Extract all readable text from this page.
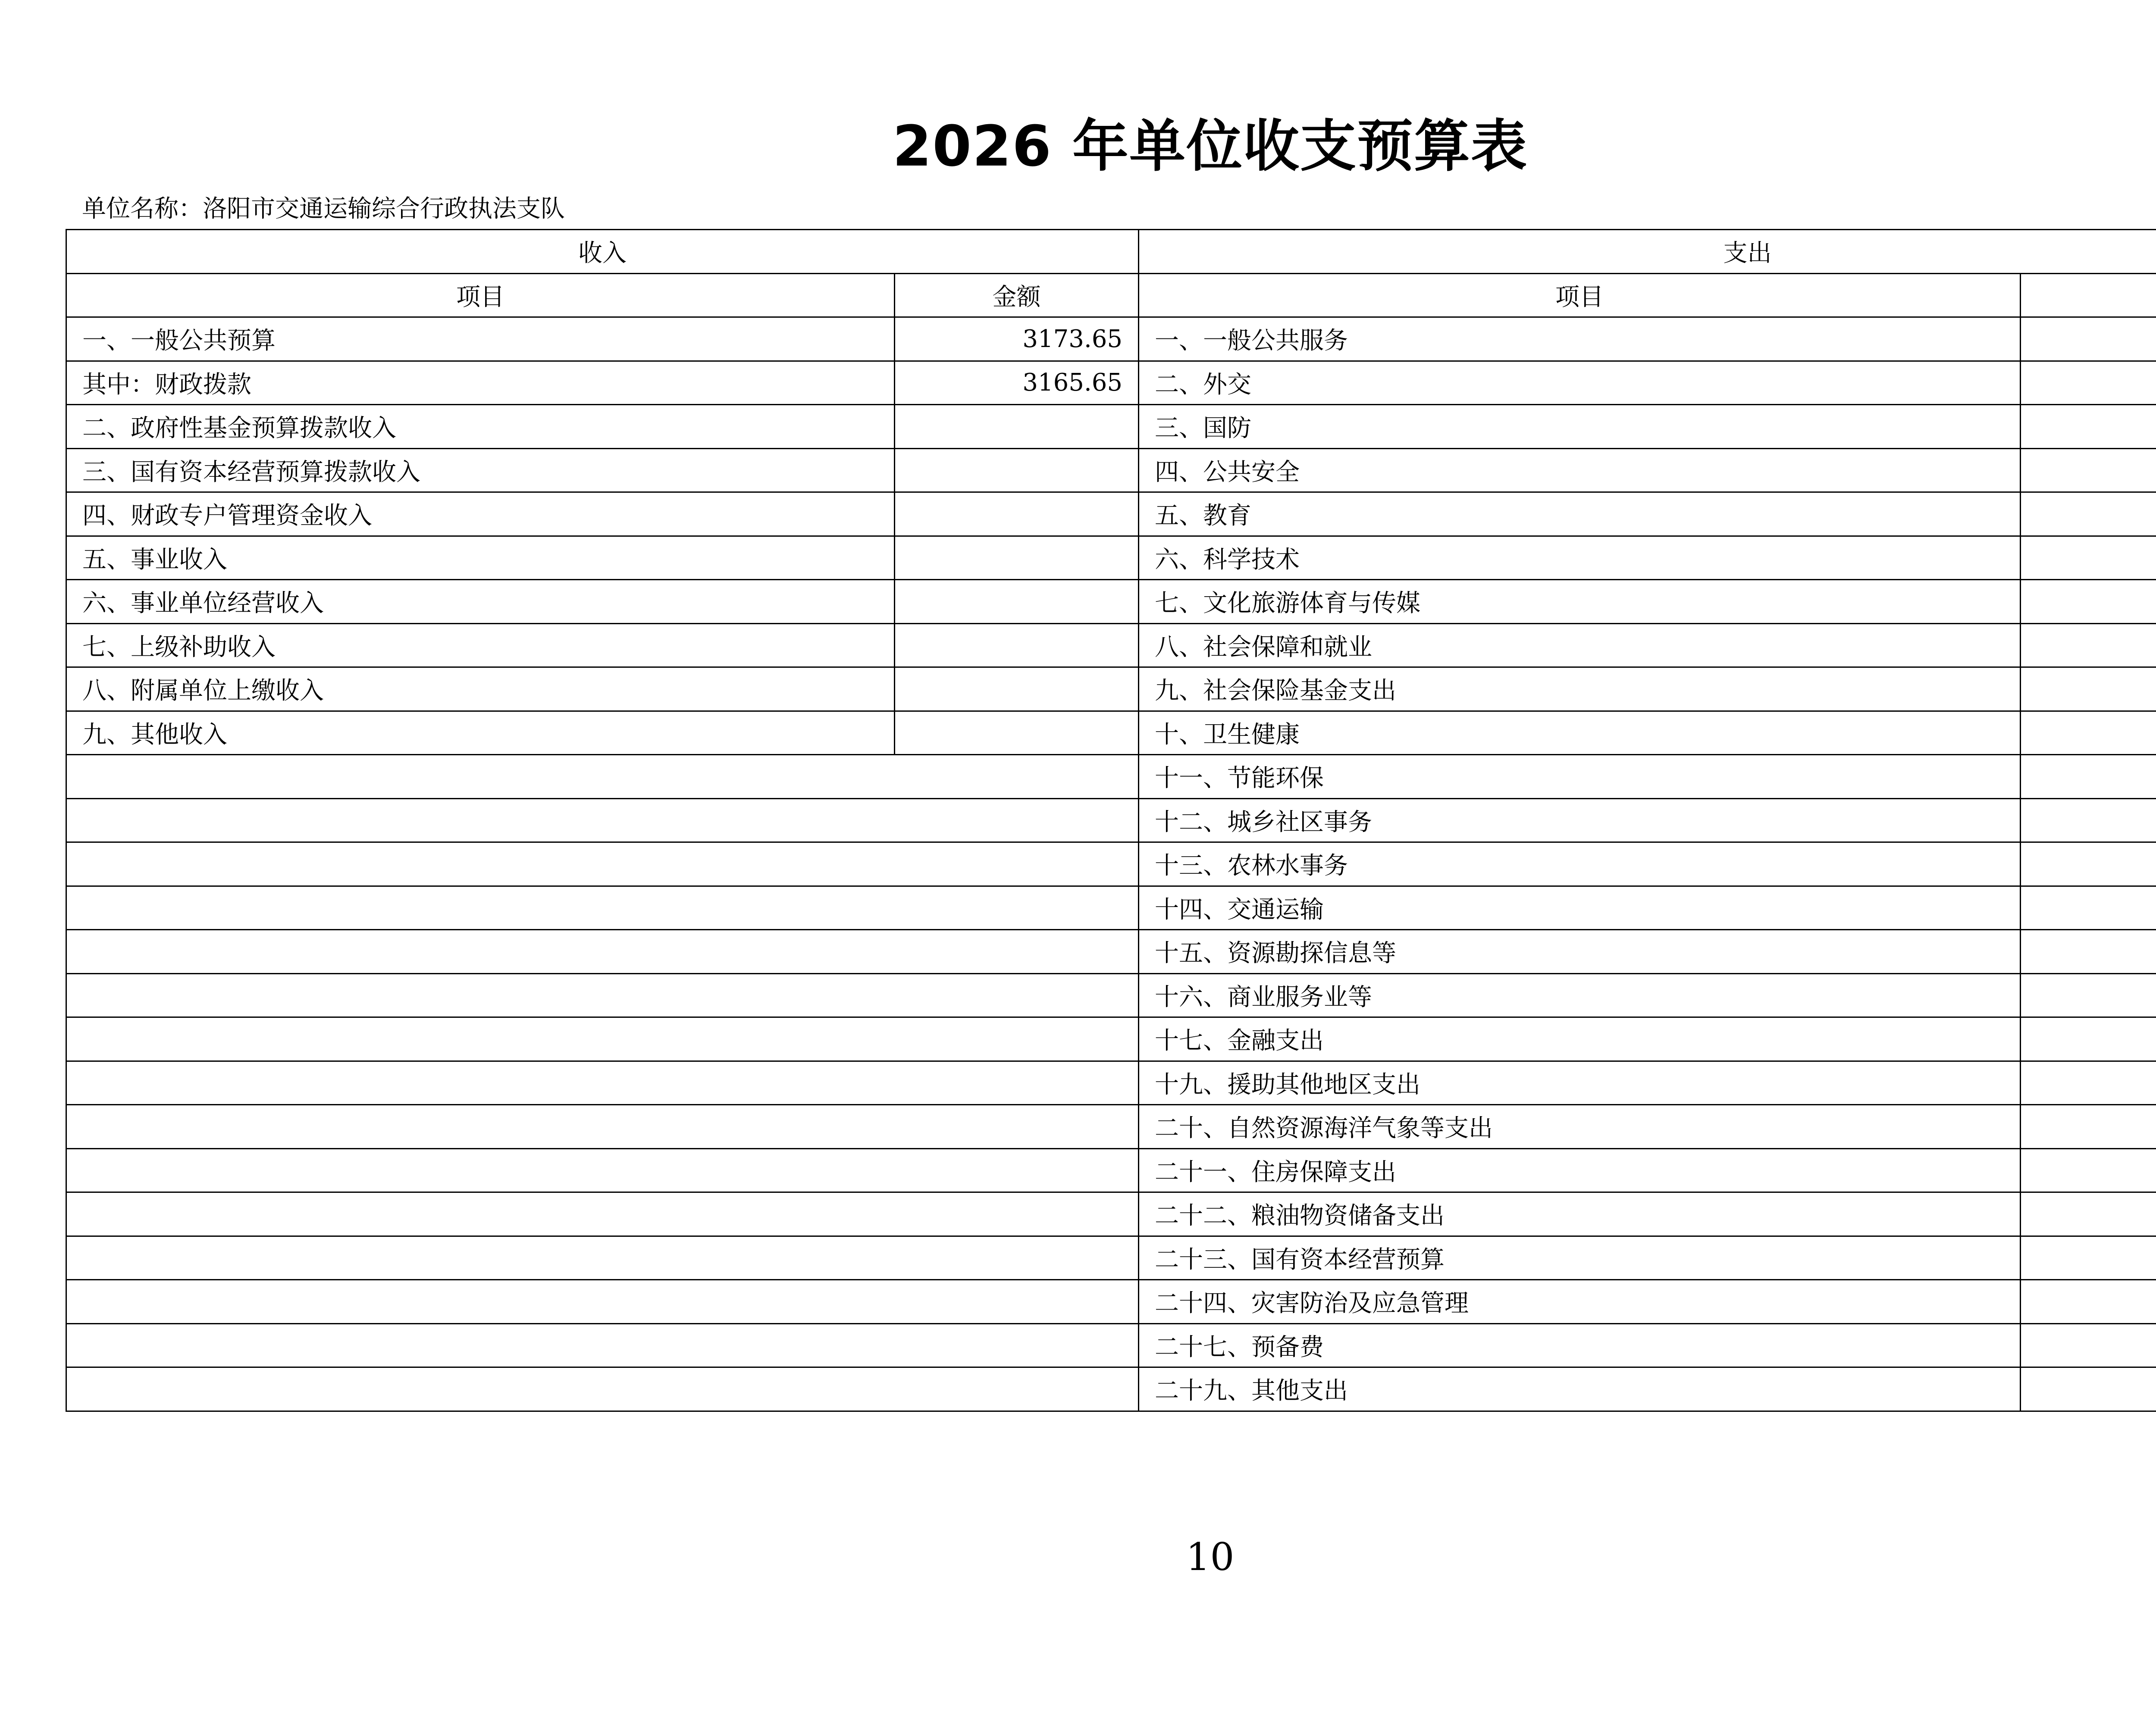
2026 年单位收支预算表
单位名称：洛阳市交通运输综合行政执法支队
收入		支出	
项目	金额	项目	
一、一般公共预算	3173.65	一、一般公共服务	
其中：财政拨款	3165.65	二、外交	
二、政府性基金预算拨款收入		三、国防	
三、国有资本经营预算拨款收入		四、公共安全	
四、财政专户管理资金收入		五、教育	
五、事业收入		六、科学技术	
六、事业单位经营收入		七、文化旅游体育与传媒	
七、上级补助收入		八、社会保障和就业	
八、附属单位上缴收入		九、社会保险基金支出	
九、其他收入		十、卫生健康	
		十一、节能环保	
		十二、城乡社区事务	
		十三、农林水事务	
		十四、交通运输	
		十五、资源勘探信息等	
		十六、商业服务业等	
		十七、金融支出	
		十九、援助其他地区支出	
		二十、自然资源海洋气象等支出	
		二十一、住房保障支出	
		二十二、粮油物资储备支出	
		二十三、国有资本经营预算	
		二十四、灾害防治及应急管理	
		二十七、预备费	
		二十九、其他支出	
10
